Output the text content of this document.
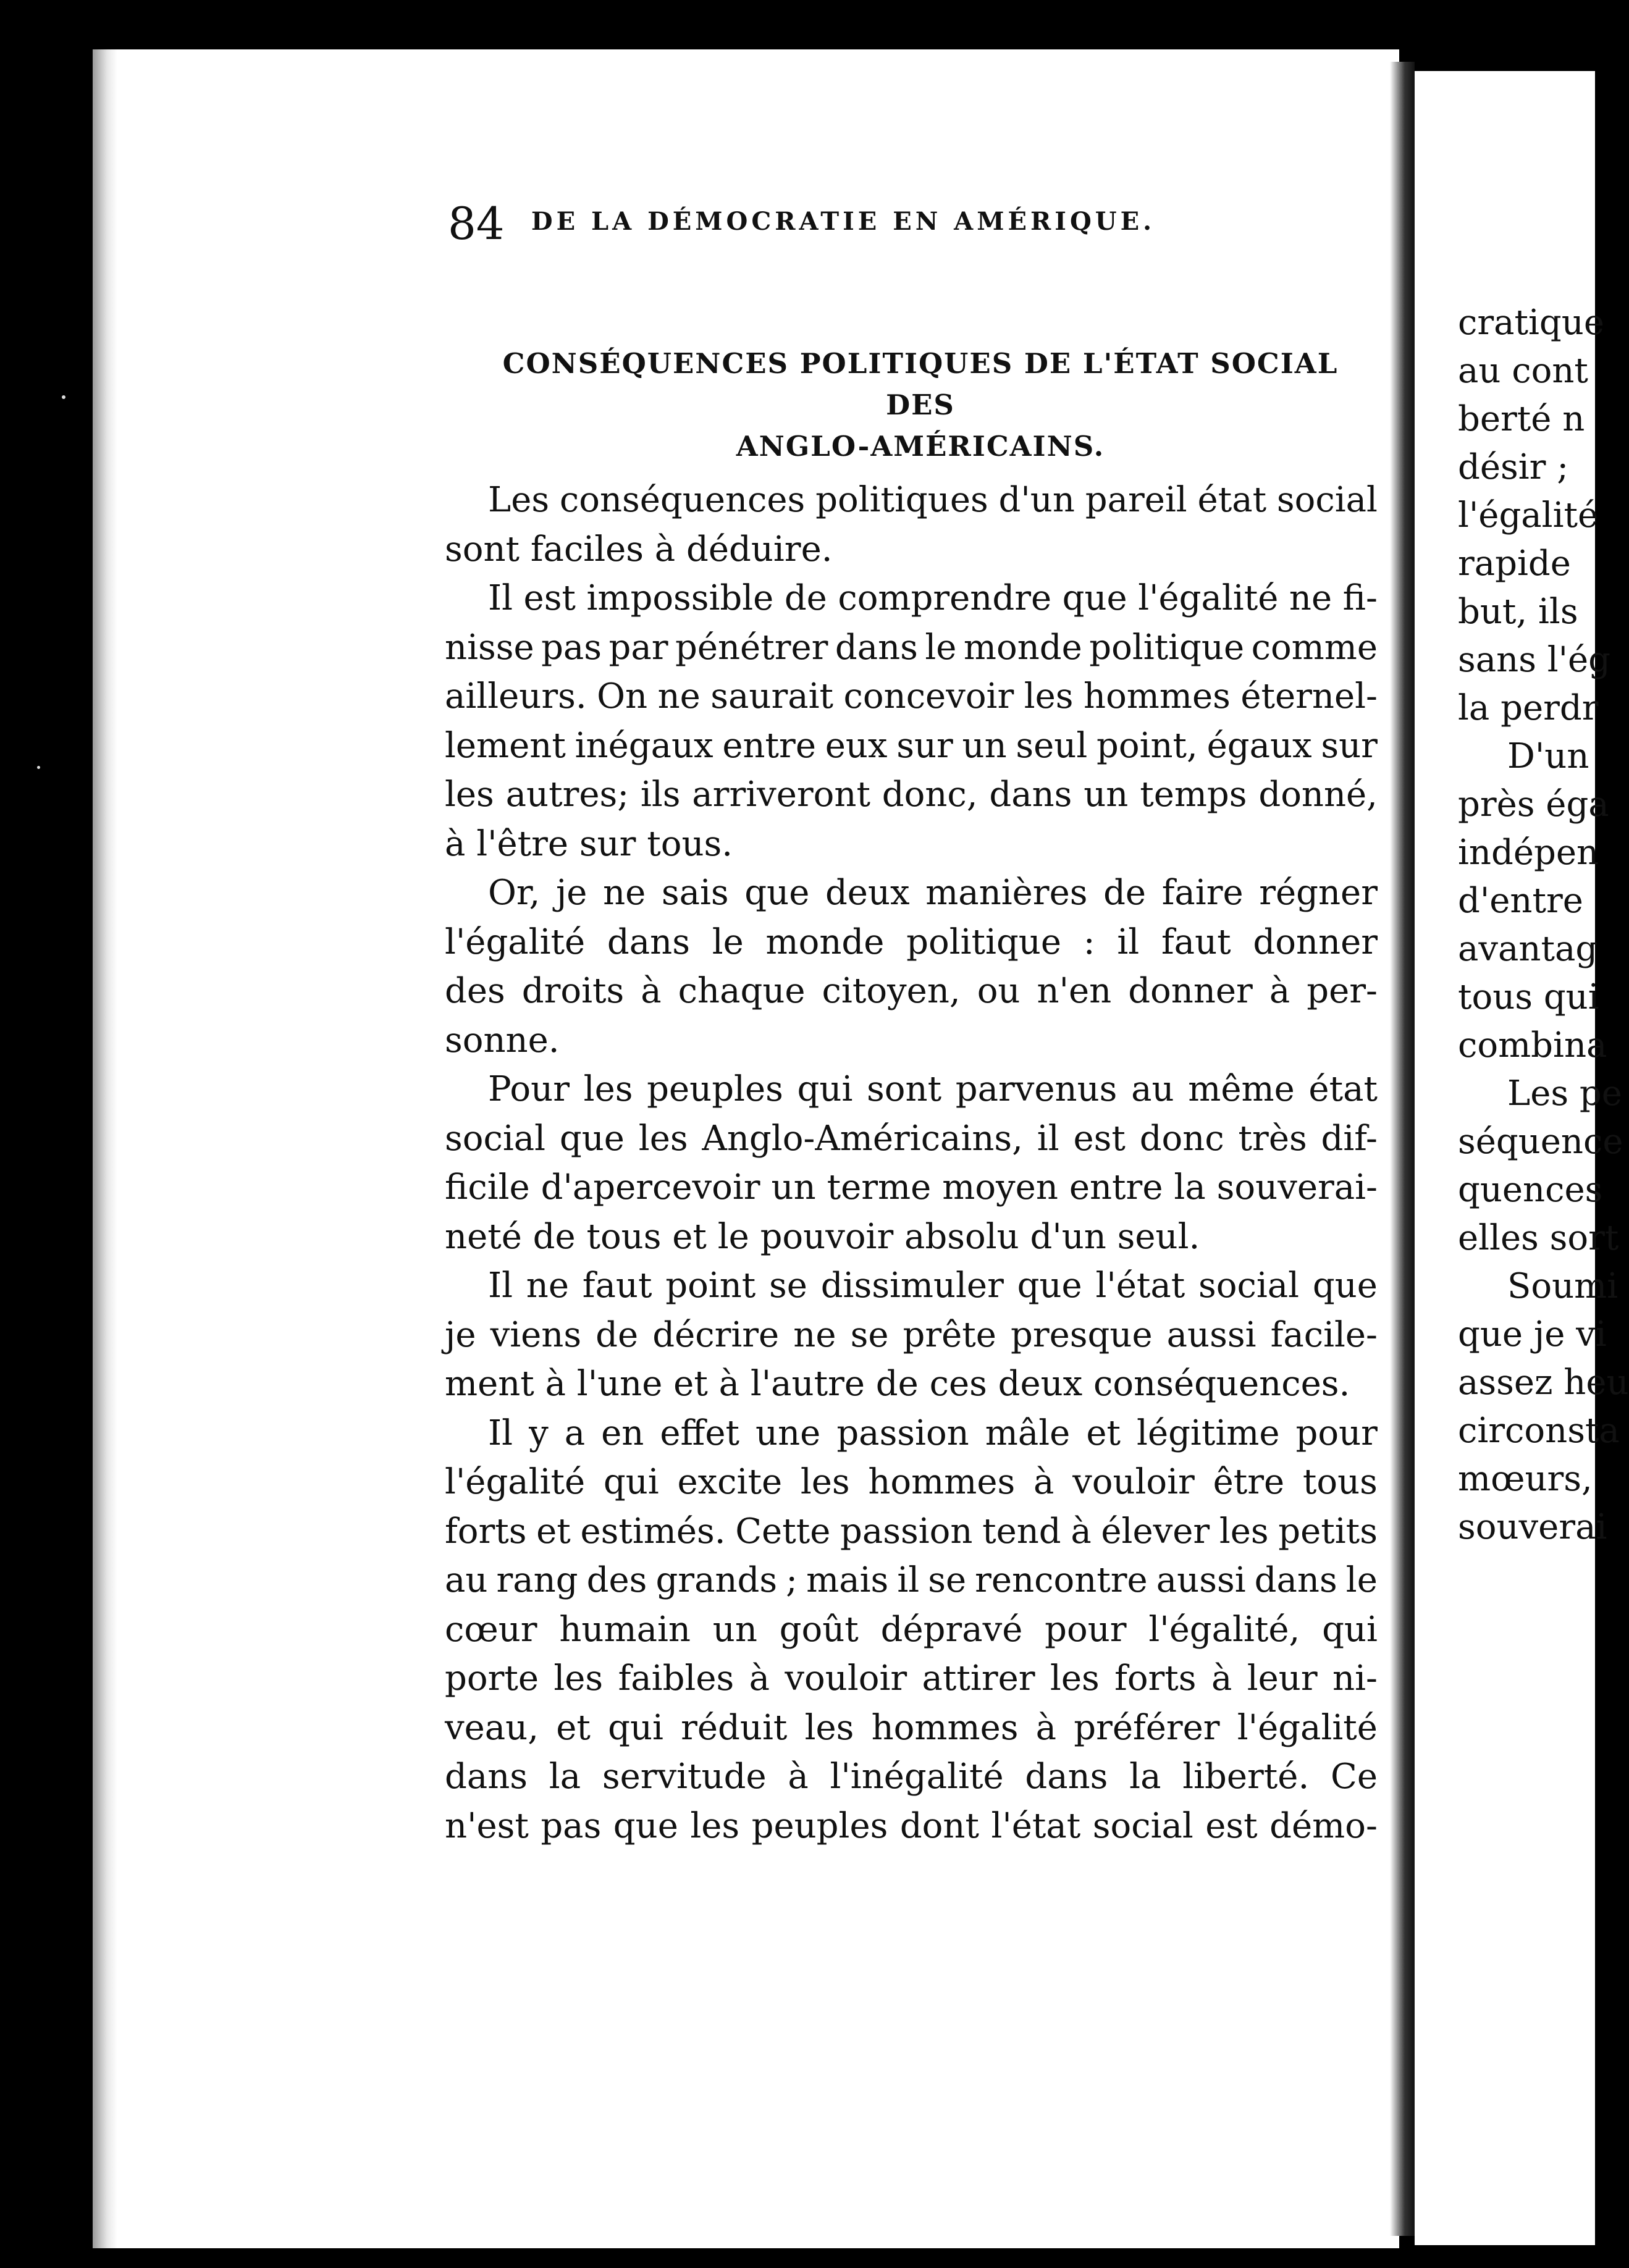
84	DE LA DÉMOCRATIE EN AMÉRIQUE.
CONSÉQUENCES POLITIQUES DE L'ÉTAT SOCIAL DES
ANGLO-AMÉRICAINS.
Les conséquences politiques d'un pareil état social
sont faciles à déduire.
Il est impossible de comprendre que l'égalité ne fi-
nisse pas par pénétrer dans le monde politique comme
ailleurs. On ne saurait concevoir les hommes éternel-
lement inégaux entre eux sur un seul point, égaux sur
les autres; ils arriveront donc, dans un temps donné,
à l'être sur tous.
Or, je ne sais que deux manières de faire régner
l'égalité dans le monde politique : il faut donner
des droits à chaque citoyen, ou n'en donner à per-
sonne.
Pour les peuples qui sont parvenus au même état
social que les Anglo-Américains, il est donc très dif-
ficile d'apercevoir un terme moyen entre la souverai-
neté de tous et le pouvoir absolu d'un seul.
Il ne faut point se dissimuler que l'état social que
je viens de décrire ne se prête presque aussi facile-
ment à l'une et à l'autre de ces deux conséquences.
Il y a en effet une passion mâle et légitime pour
l'égalité qui excite les hommes à vouloir être tous
forts et estimés. Cette passion tend à élever les petits
au rang des grands ; mais il se rencontre aussi dans le
cœur humain un goût dépravé pour l'égalité, qui
porte les faibles à vouloir attirer les forts à leur ni-
veau, et qui réduit les hommes à préférer l'égalité
dans la servitude à l'inégalité dans la liberté. Ce
n'est pas que les peuples dont l'état social est démo-
cratique
au cont
berté n
désir ;
l'égalité
rapide
but, ils
sans l'ég
la perdr
D'un
près éga
indépen
d'entre
avantag
tous qui
combina
Les pe
séquence
quences
elles sort
Soumi
que je vi
assez heu
circonsta
mœurs,
souverai
